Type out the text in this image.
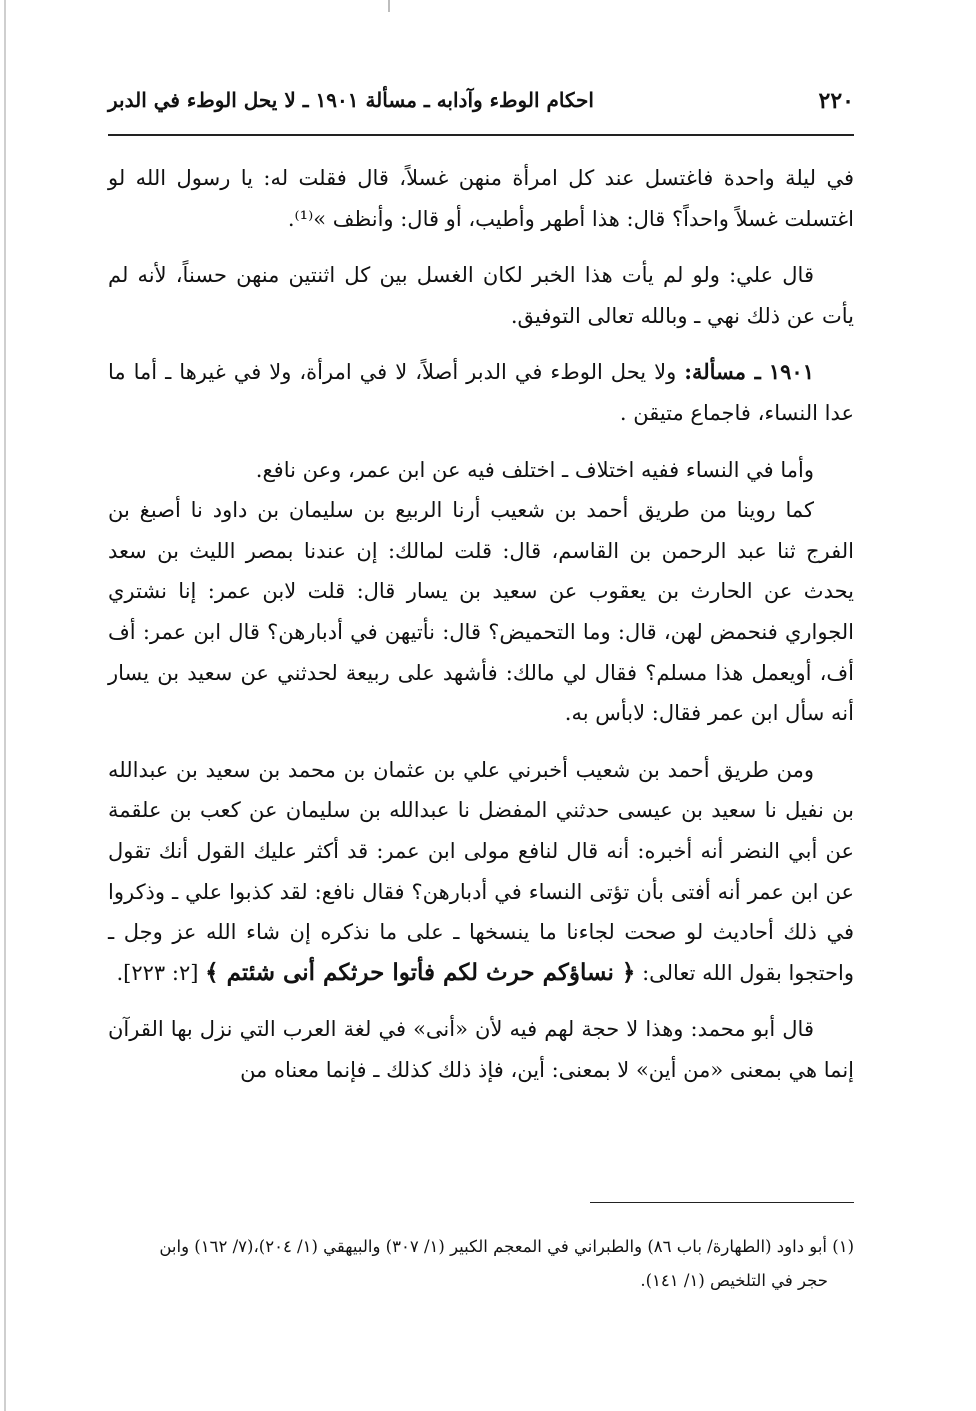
٢٢٠
احكام الوطء وآدابه ـ مسألة ١٩٠١ ـ لا يحل الوطء في الدبر

في ليلة واحدة فاغتسل عند كل امرأة منهن غسلاً، قال فقلت له: يا رسول الله لو اغتسلت غسلاً واحداً؟ قال: هذا أطهر وأطيب، أو قال: وأنظف »⁽¹⁾.

قال علي: ولو لم يأت هذا الخبر لكان الغسل بين كل اثنتين منهن حسناً، لأنه لم يأت عن ذلك نهي ـ وبالله تعالى التوفيق.

١٩٠١ ـ مسألة: ولا يحل الوطء في الدبر أصلاً، لا في امرأة، ولا في غيرها ـ أما ما عدا النساء، فاجماع متيقن .

وأما في النساء ففيه اختلاف ـ اختلف فيه عن ابن عمر، وعن نافع.

كما روينا من طريق أحمد بن شعيب أرنا الربيع بن سليمان بن داود نا أصبغ بن الفرج ثنا عبد الرحمن بن القاسم، قال: قلت لمالك: إن عندنا بمصر الليث بن سعد يحدث عن الحارث بن يعقوب عن سعيد بن يسار قال: قلت لابن عمر: إنا نشتري الجواري فنحمض لهن، قال: وما التحميض؟ قال: نأتيهن في أدبارهن؟ قال ابن عمر: أف أف، أويعمل هذا مسلم؟ فقال لي مالك: فأشهد على ربيعة لحدثني عن سعيد بن يسار أنه سأل ابن عمر فقال: لابأس به.

ومن طريق أحمد بن شعيب أخبرني علي بن عثمان بن محمد بن سعيد بن عبدالله بن نفيل نا سعيد بن عيسى حدثني المفضل نا عبدالله بن سليمان عن كعب بن علقمة عن أبي النضر أنه أخبره: أنه قال لنافع مولى ابن عمر: قد أكثر عليك القول أنك تقول عن ابن عمر أنه أفتى بأن تؤتى النساء في أدبارهن؟ فقال نافع: لقد كذبوا علي ـ وذكروا في ذلك أحاديث لو صحت لجاءنا ما ينسخها ـ على ما نذكره إن شاء الله عز وجل ـ واحتجوا بقول الله تعالى: ﴿ نساؤكم حرث لكم فأتوا حرثكم أنى شئتم ﴾ [٢: ٢٢٣].

قال أبو محمد: وهذا لا حجة لهم فيه لأن «أنى» في لغة العرب التي نزل بها القرآن إنما هي بمعنى «من أين» لا بمعنى: أين، فإذ ذلك كذلك ـ فإنما معناه من

(١) أبو داود (الطهارة/ باب ٨٦) والطبراني في المعجم الكبير (١/ ٣٠٧) والبيهقي (١/ ٢٠٤)،(٧/ ١٦٢) وابن

حجر في التلخيص (١/ ١٤١).
